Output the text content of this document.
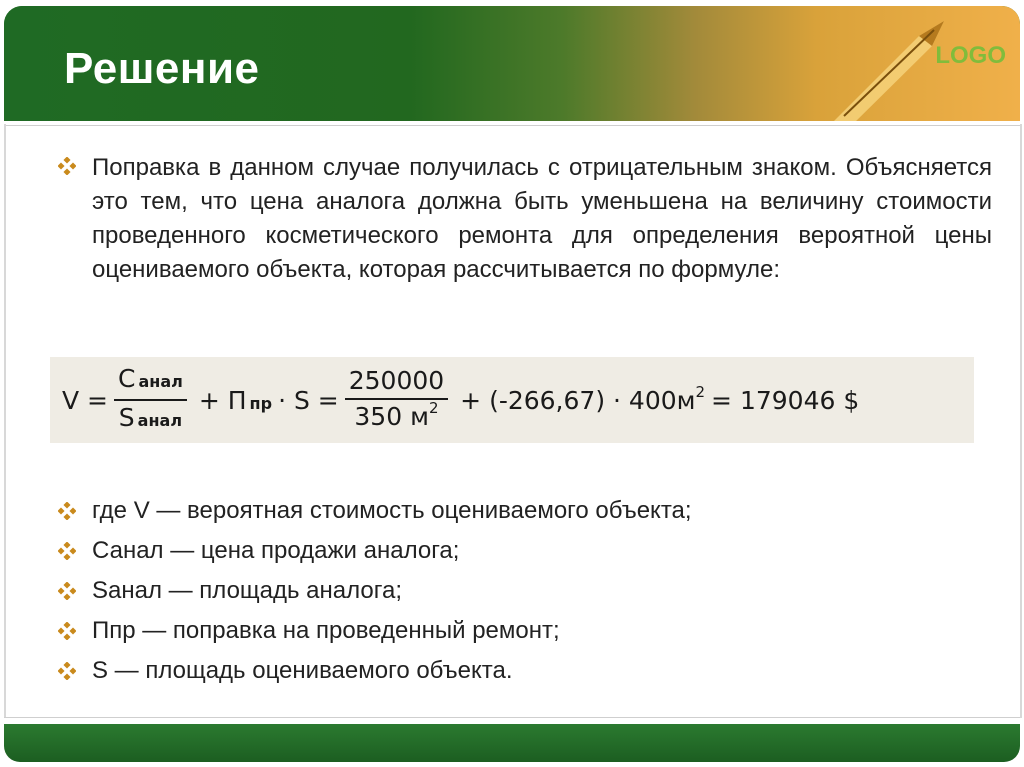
Решение	LOGO

Поправка в данном случае получилась с отрицательным знаком. Объясняется это тем, что цена аналога должна быть уменьшена на величину стоимости проведенного косметического ремонта для определения вероятной цены оцениваемого объекта, которая рассчитывается по формуле:

$V = \frac{\text{C анал}}{\text{S анал}} + П$ пр · $S = \frac{250000}{350 м^2} + (-266,67) \cdot 400м^2 = 179046$ $
где V — вероятная стоимость оцениваемого объекта;
Санал — цена продажи аналога;
Sанал — площадь аналога;
Ппр — поправка на проведенный ремонт;
S — площадь оцениваемого объекта.
